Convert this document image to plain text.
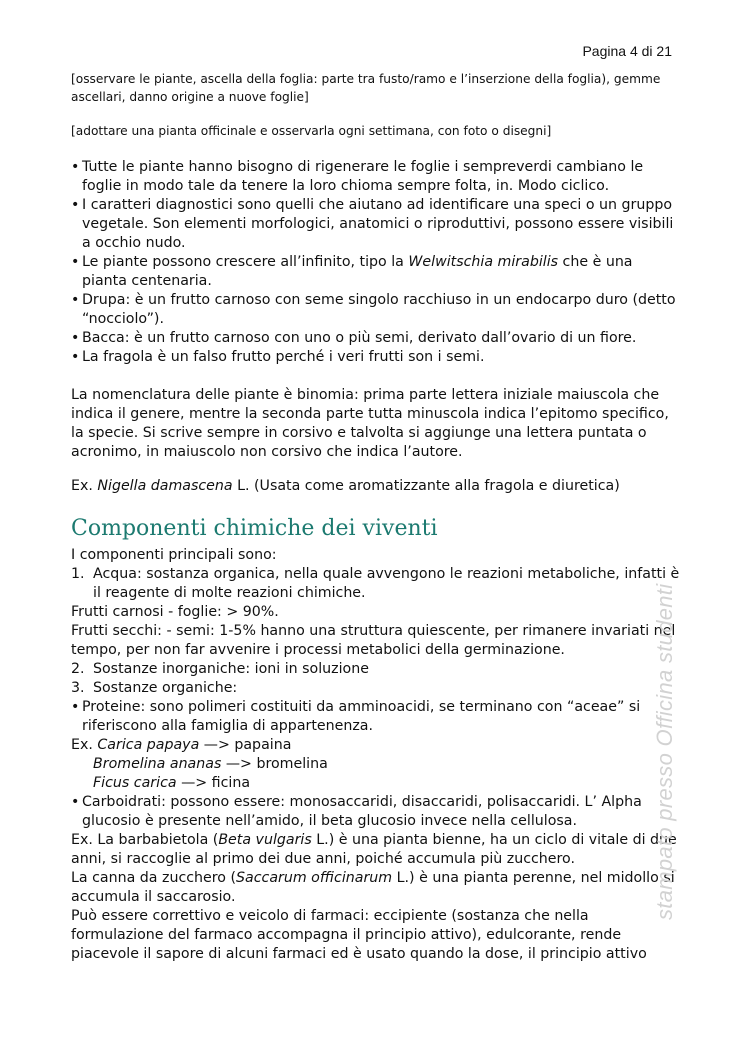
Pagina 4 di 21

[osservare le piante, ascella della foglia: parte tra fusto/ramo e l’inserzione della foglia), gemme ascellari, danno origine a nuove foglie]

[adottare una pianta officinale e osservarla ogni settimana, con foto o disegni]

• Tutte le piante hanno bisogno di rigenerare le foglie i sempreverdi cambiano le foglie in modo tale da tenere la loro chioma sempre folta, in. Modo ciclico.
• I caratteri diagnostici sono quelli che aiutano ad identificare una speci o un gruppo vegetale. Son elementi morfologici, anatomici o riproduttivi, possono essere visibili a occhio nudo.
• Le piante possono crescere all’infinito, tipo la Welwitschia mirabilis che è una pianta centenaria.
• Drupa: è un frutto carnoso con seme singolo racchiuso in un endocarpo duro (detto “nocciolo”).
• Bacca: è un frutto carnoso con uno o più semi, derivato dall’ovario di un fiore.
• La fragola è un falso frutto perché i veri frutti son i semi.

La nomenclatura delle piante è binomia: prima parte lettera iniziale maiuscola che indica il genere, mentre la seconda parte tutta minuscola indica l’epitomo specifico, la specie. Si scrive sempre in corsivo e talvolta si aggiunge una lettera puntata o acronimo, in maiuscolo non corsivo che indica l’autore.

Ex. Nigella damascena L. (Usata come aromatizzante alla fragola e diuretica)

Componenti chimiche dei viventi

I componenti principali sono:

1. Acqua: sostanza organica, nella quale avvengono le reazioni metaboliche, infatti è il reagente di molte reazioni chimiche.

Frutti carnosi - foglie: > 90%.

Frutti secchi: - semi: 1-5% hanno una struttura quiescente, per rimanere invariati nel tempo, per non far avvenire i processi metabolici della germinazione.

2. Sostanze inorganiche: ioni in soluzione

3. Sostanze organiche:

• Proteine: sono polimeri costituiti da amminoacidi, se terminano con “aceae” si riferiscono alla famiglia di appartenenza.

Ex. Carica papaya —> papaina

Bromelina ananas —> bromelina

Ficus carica —> ficina

• Carboidrati: possono essere: monosaccaridi, disaccaridi, polisaccaridi. L’ Alpha glucosio è presente nell’amido, il beta glucosio invece nella cellulosa.

Ex. La barbabietola (Beta vulgaris L.) è una pianta bienne, ha un ciclo di vitale di due anni, si raccoglie al primo dei due anni, poiché accumula più zucchero.

La canna da zucchero (Saccarum officinarum L.) è una pianta perenne, nel midollo si accumula il saccarosio.

Può essere correttivo e veicolo di farmaci: eccipiente (sostanza che nella formulazione del farmaco accompagna il principio attivo), edulcorante, rende piacevole il sapore di alcuni farmaci ed è usato quando la dose, il principio attivo

stampato presso Officina studenti
